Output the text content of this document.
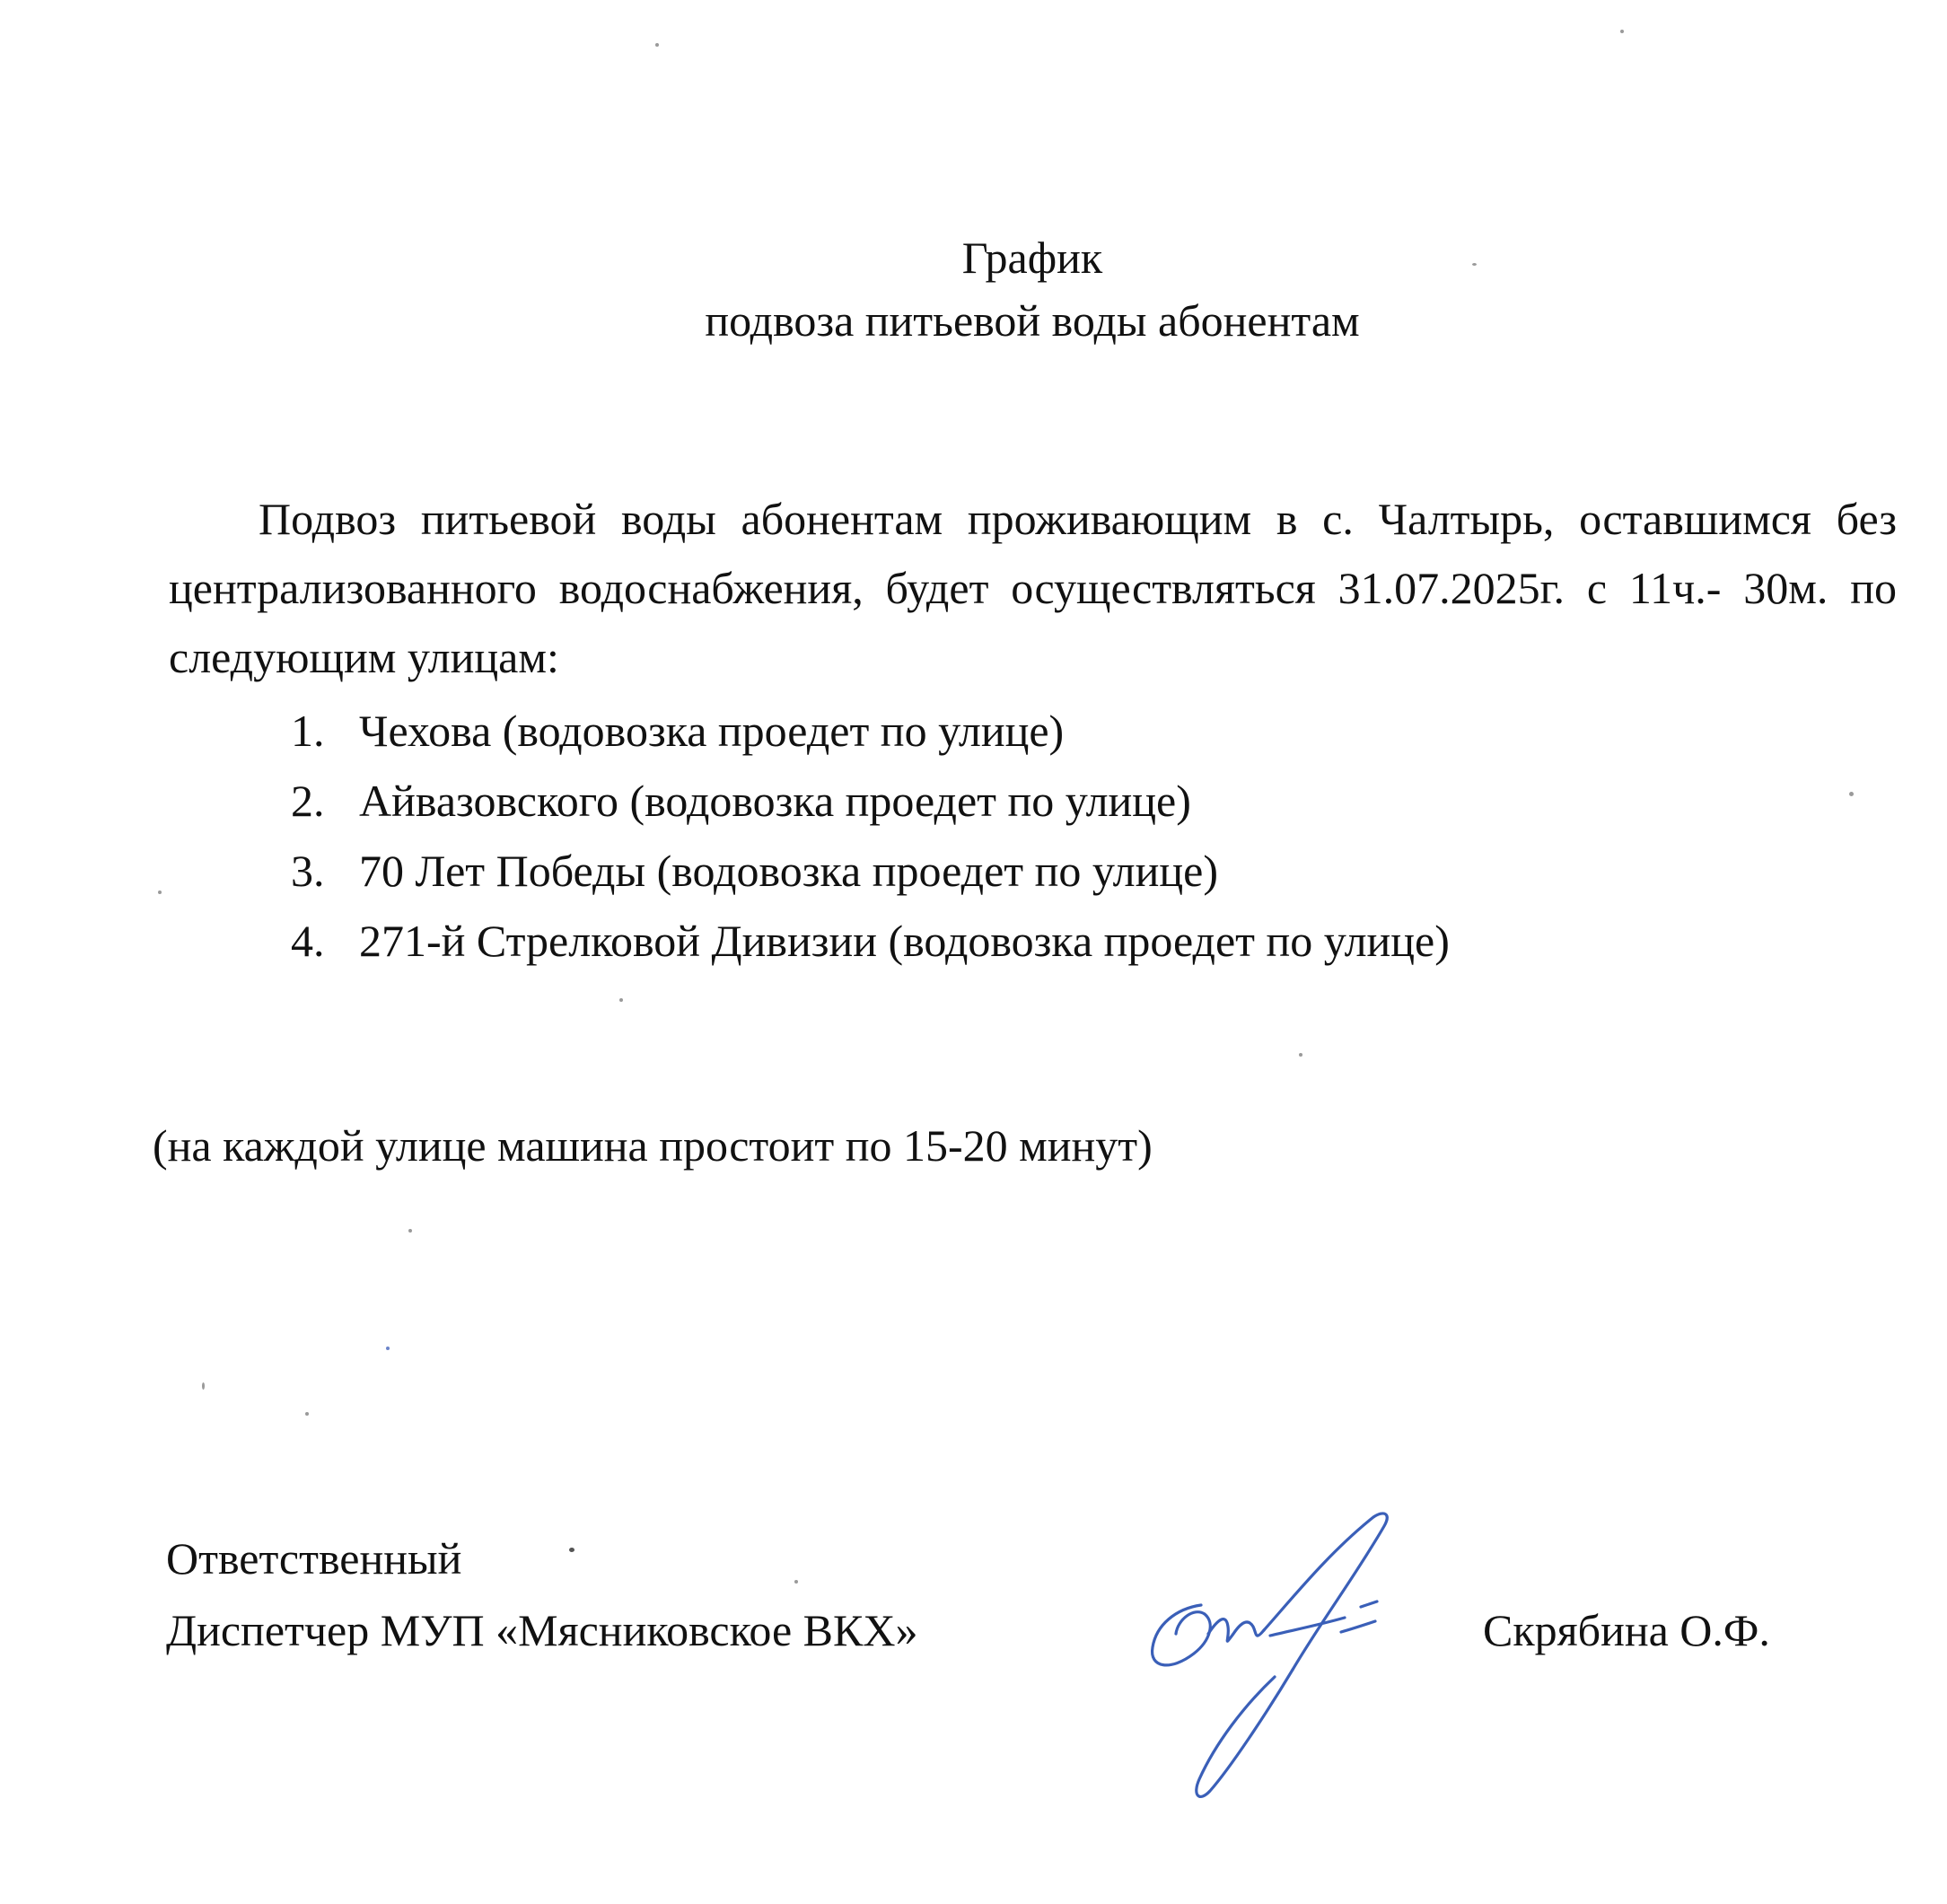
График
подвоза питьевой воды абонентам
Подвоз питьевой воды абонентам проживающим в с. Чалтырь, оставшимся без централизованного водоснабжения, будет осуществляться 31.07.2025г. с 11ч.- 30м. по следующим улицам:
1. Чехова (водовозка проедет по улице)
2. Айвазовского (водовозка проедет по улице)
3. 70 Лет Победы (водовозка проедет по улице)
4. 271-й Стрелковой Дивизии (водовозка проедет по улице)
(на каждой улице машина простоит по 15-20 минут)
Ответственный
Диспетчер МУП «Мясниковское ВКХ»	Скрябина О.Ф.
